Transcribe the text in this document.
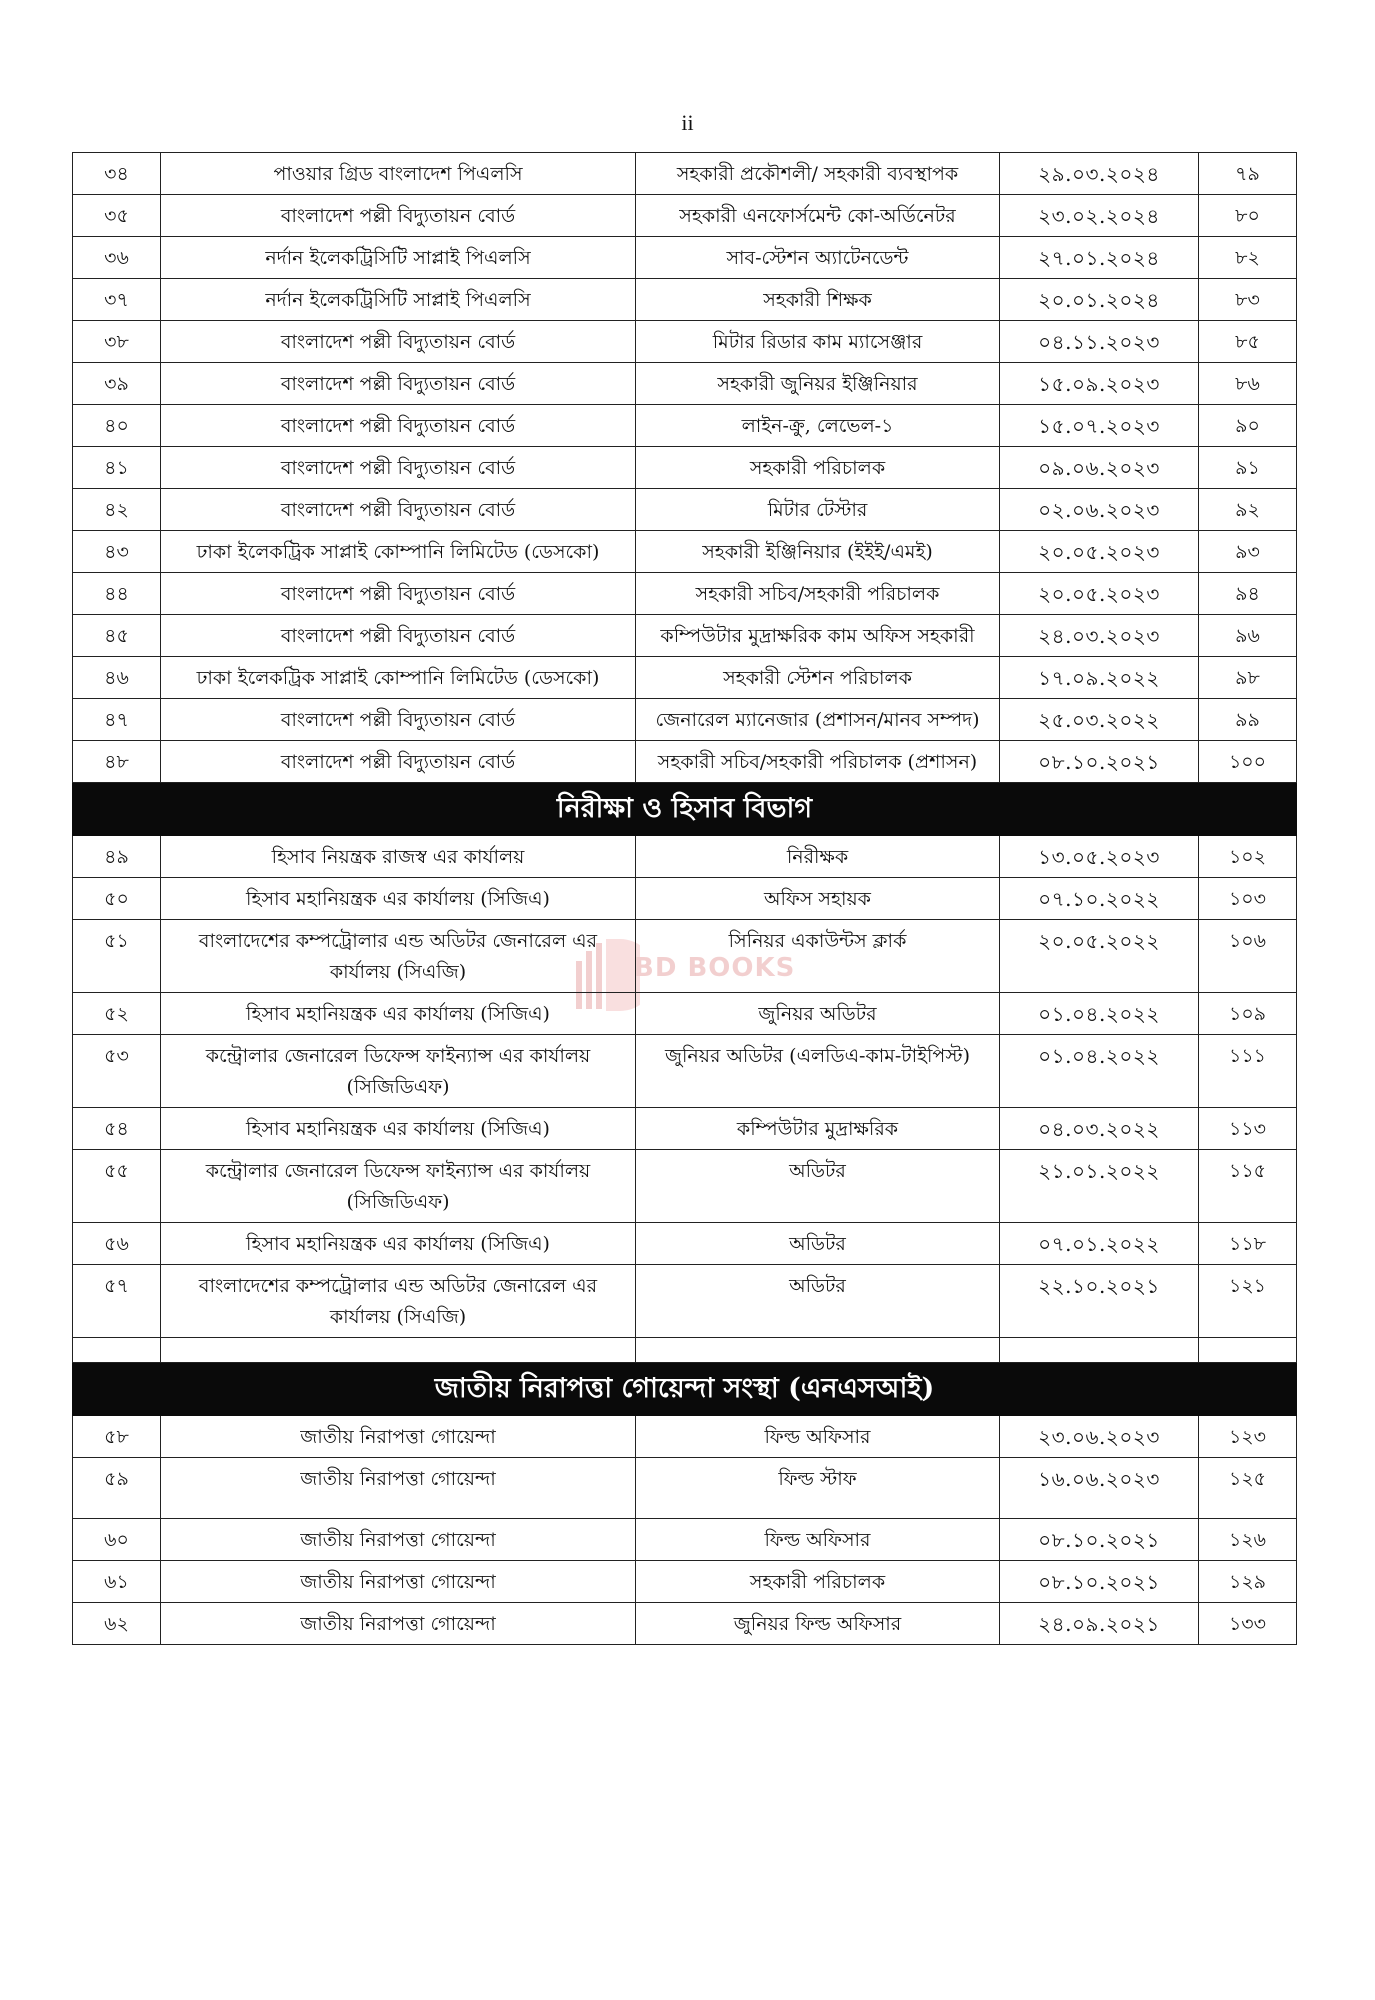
ii
BD BOOKS
৩৪	পাওয়ার গ্রিড বাংলাদেশ পিএলসি	সহকারী প্রকৌশলী/ সহকারী ব্যবস্থাপক	২৯.০৩.২০২৪	৭৯
৩৫	বাংলাদেশ পল্লী বিদ্যুতায়ন বোর্ড	সহকারী এনফোর্সমেন্ট কো-অর্ডিনেটর	২৩.০২.২০২৪	৮০
৩৬	নর্দান ইলেকট্রিসিটি সাপ্লাই পিএলসি	সাব-স্টেশন অ্যাটেনডেন্ট	২৭.০১.২০২৪	৮২
৩৭	নর্দান ইলেকট্রিসিটি সাপ্লাই পিএলসি	সহকারী শিক্ষক	২০.০১.২০২৪	৮৩
৩৮	বাংলাদেশ পল্লী বিদ্যুতায়ন বোর্ড	মিটার রিডার কাম ম্যাসেঞ্জার	০৪.১১.২০২৩	৮৫
৩৯	বাংলাদেশ পল্লী বিদ্যুতায়ন বোর্ড	সহকারী জুনিয়র ইঞ্জিনিয়ার	১৫.০৯.২০২৩	৮৬
৪০	বাংলাদেশ পল্লী বিদ্যুতায়ন বোর্ড	লাইন-ক্রু, লেভেল-১	১৫.০৭.২০২৩	৯০
৪১	বাংলাদেশ পল্লী বিদ্যুতায়ন বোর্ড	সহকারী পরিচালক	০৯.০৬.২০২৩	৯১
৪২	বাংলাদেশ পল্লী বিদ্যুতায়ন বোর্ড	মিটার টেস্টার	০২.০৬.২০২৩	৯২
৪৩	ঢাকা ইলেকট্রিক সাপ্লাই কোম্পানি লিমিটেড (ডেসকো)	সহকারী ইঞ্জিনিয়ার (ইইই/এমই)	২০.০৫.২০২৩	৯৩
৪৪	বাংলাদেশ পল্লী বিদ্যুতায়ন বোর্ড	সহকারী সচিব/সহকারী পরিচালক	২০.০৫.২০২৩	৯৪
৪৫	বাংলাদেশ পল্লী বিদ্যুতায়ন বোর্ড	কম্পিউটার মুদ্রাক্ষরিক কাম অফিস সহকারী	২৪.০৩.২০২৩	৯৬
৪৬	ঢাকা ইলেকট্রিক সাপ্লাই কোম্পানি লিমিটেড (ডেসকো)	সহকারী স্টেশন পরিচালক	১৭.০৯.২০২২	৯৮
৪৭	বাংলাদেশ পল্লী বিদ্যুতায়ন বোর্ড	জেনারেল ম্যানেজার (প্রশাসন/মানব সম্পদ)	২৫.০৩.২০২২	৯৯
৪৮	বাংলাদেশ পল্লী বিদ্যুতায়ন বোর্ড	সহকারী সচিব/সহকারী পরিচালক (প্রশাসন)	০৮.১০.২০২১	১০০
নিরীক্ষা ও হিসাব বিভাগ				
৪৯	হিসাব নিয়ন্ত্রক রাজস্ব এর কার্যালয়	নিরীক্ষক	১৩.০৫.২০২৩	১০২
৫০	হিসাব মহানিয়ন্ত্রক এর কার্যালয় (সিজিএ)	অফিস সহায়ক	০৭.১০.২০২২	১০৩
৫১	বাংলাদেশের কম্পট্রোলার এন্ড অডিটর জেনারেল এর কার্যালয় (সিএজি)	সিনিয়র একাউন্টস ক্লার্ক	২০.০৫.২০২২	১০৬
৫২	হিসাব মহানিয়ন্ত্রক এর কার্যালয় (সিজিএ)	জুনিয়র অডিটর	০১.০৪.২০২২	১০৯
৫৩	কন্ট্রোলার জেনারেল ডিফেন্স ফাইন্যান্স এর কার্যালয় (সিজিডিএফ)	জুনিয়র অডিটর (এলডিএ-কাম-টাইপিস্ট)	০১.০৪.২০২২	১১১
৫৪	হিসাব মহানিয়ন্ত্রক এর কার্যালয় (সিজিএ)	কম্পিউটার মুদ্রাক্ষরিক	০৪.০৩.২০২২	১১৩
৫৫	কন্ট্রোলার জেনারেল ডিফেন্স ফাইন্যান্স এর কার্যালয় (সিজিডিএফ)	অডিটর	২১.০১.২০২২	১১৫
৫৬	হিসাব মহানিয়ন্ত্রক এর কার্যালয় (সিজিএ)	অডিটর	০৭.০১.২০২২	১১৮
৫৭	বাংলাদেশের কম্পট্রোলার এন্ড অডিটর জেনারেল এর কার্যালয় (সিএজি)	অডিটর	২২.১০.২০২১	১২১

জাতীয় নিরাপত্তা গোয়েন্দা সংস্থা (এনএসআই)				
৫৮	জাতীয় নিরাপত্তা গোয়েন্দা	ফিল্ড অফিসার	২৩.০৬.২০২৩	১২৩
৫৯	জাতীয় নিরাপত্তা গোয়েন্দা	ফিল্ড স্টাফ	১৬.০৬.২০২৩	১২৫
৬০	জাতীয় নিরাপত্তা গোয়েন্দা	ফিল্ড অফিসার	০৮.১০.২০২১	১২৬
৬১	জাতীয় নিরাপত্তা গোয়েন্দা	সহকারী পরিচালক	০৮.১০.২০২১	১২৯
৬২	জাতীয় নিরাপত্তা গোয়েন্দা	জুনিয়র ফিল্ড অফিসার	২৪.০৯.২০২১	১৩৩
